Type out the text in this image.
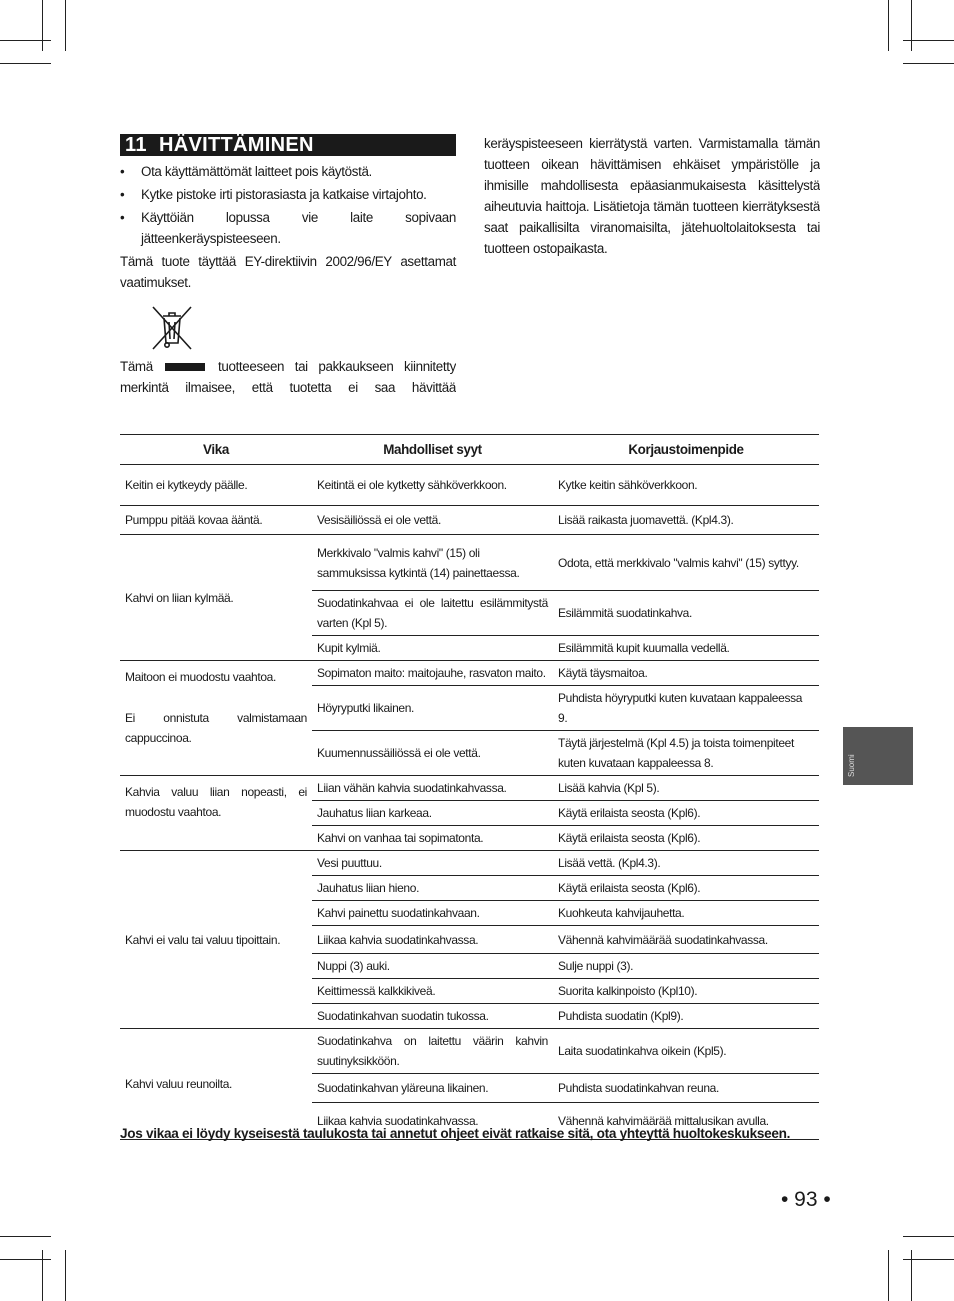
11 HÄVITTÄMINEN
• Ota käyttämättömät laitteet pois käytöstä.
• Kytke pistoke irti pistorasiasta ja katkaise virtajohto.
• Käyttöiän lopussa vie laite sopivaan jätteenkeräyspisteeseen.

Tämä tuote täyttää EY-direktiivin 2002/96/EY asettamat vaatimukset.

Tämä	tuotteeseen tai pakkaukseen kiinnitetty merkintä ilmaisee, että tuotetta ei saa hävittää

keräyspisteeseen kierrätystä varten. Varmistamalla tämän tuotteen oikean hävittämisen ehkäiset ympäristölle ja ihmisille mahdollisesta epäasianmukaisesta käsittelystä aiheutuvia haittoja. Lisätietoja tämän tuotteen kierrätyksestä saat paikallisilta viranomaisilta, jätehuoltolaitoksesta tai tuotteen ostopaikasta.

Vika	Mahdolliset syyt	Korjaustoimenpide
Keitin ei kytkeydy päälle.	Keitintä ei ole kytketty sähköverkkoon.	Kytke keitin sähköverkkoon.
Pumppu pitää kovaa ääntä.	Vesisäiliössä ei ole vettä.	Lisää raikasta juomavettä. (Kpl4.3).
Kahvi on liian kylmää.	Merkkivalo "valmis kahvi" (15) oli sammuksissa kytkintä (14) painettaessa.	Odota, että merkkivalo "valmis kahvi" (15) syttyy.
	Suodatinkahvaa ei ole laitettu esilämmitystä varten (Kpl 5).	Esilämmitä suodatinkahva.
	Kupit kylmiä.	Esilämmitä kupit kuumalla vedellä.

Maitoon ei muodostu vaahtoa.
Ei onnistuta valmistamaan cappuccinoa.	Sopimaton maito: maitojauhe, rasvaton maito.	Käytä täysmaitoa.
	Höyryputki likainen.	Puhdista höyryputki kuten kuvataan kappaleessa 9.
	Kuumennussäiliössä ei ole vettä.	Täytä järjestelmä (Kpl 4.5) ja toista toimenpiteet kuten kuvataan kappaleessa 8.
Kahvia valuu liian nopeasti, ei muodostu vaahtoa.	Liian vähän kahvia suodatinkahvassa.	Lisää kahvia (Kpl 5).
	Jauhatus liian karkeaa.	Käytä erilaista seosta (Kpl6).
	Kahvi on vanhaa tai sopimatonta.	Käytä erilaista seosta (Kpl6).
Kahvi ei valu tai valuu tipoittain.	Vesi puuttuu.	Lisää vettä. (Kpl4.3).
	Jauhatus liian hieno.	Käytä erilaista seosta (Kpl6).
	Kahvi painettu suodatinkahvaan.	Kuohkeuta kahvijauhetta.
	Liikaa kahvia suodatinkahvassa.	Vähennä kahvimäärää suodatinkahvassa.
	Nuppi (3) auki.	Sulje nuppi (3).
	Keittimessä kalkkikiveä.	Suorita kalkinpoisto (Kpl10).
	Suodatinkahvan suodatin tukossa.	Puhdista suodatin (Kpl9).
Kahvi valuu reunoilta.	Suodatinkahva on laitettu väärin kahvin suutinyksikköön.	Laita suodatinkahva oikein (Kpl5).
	Suodatinkahvan yläreuna likainen.	Puhdista suodatinkahvan reuna.
	Liikaa kahvia suodatinkahvassa.	Vähennä kahvimäärää mittalusikan avulla.
Jos vikaa ei löydy kyseisestä taulukosta tai annetut ohjeet eivät ratkaise sitä, ota yhteyttä huoltokeskukseen.
• 93 •
Suomi
